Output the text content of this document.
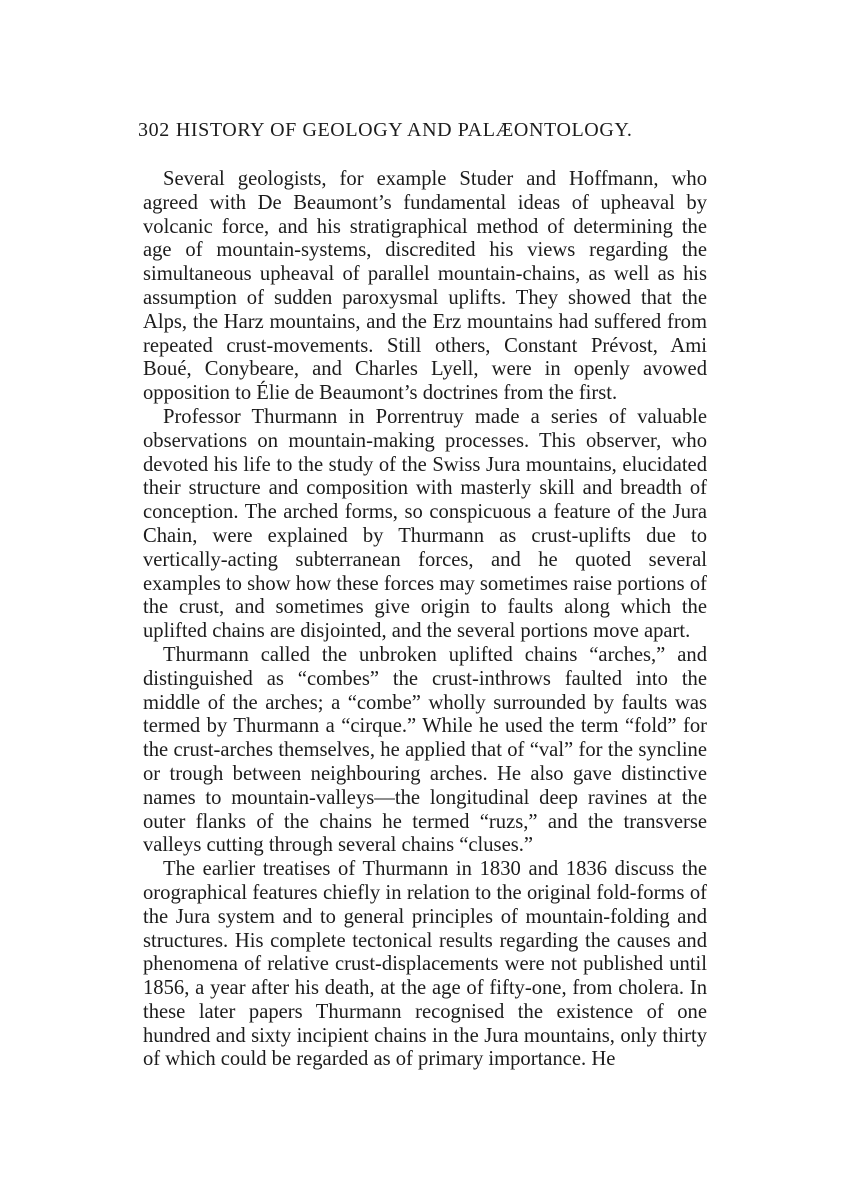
302 HISTORY OF GEOLOGY AND PALÆONTOLOGY.

Several geologists, for example Studer and Hoffmann, who agreed with De Beaumont’s fundamental ideas of upheaval by volcanic force, and his stratigraphical method of determining the age of mountain-systems, discredited his views regarding the simultaneous upheaval of parallel mountain-chains, as well as his assumption of sudden paroxysmal uplifts. They showed that the Alps, the Harz mountains, and the Erz mountains had suffered from repeated crust-movements. Still others, Constant Prévost, Ami Boué, Conybeare, and Charles Lyell, were in openly avowed opposition to Élie de Beaumont’s doctrines from the first.

Professor Thurmann in Porrentruy made a series of valuable observations on mountain-making processes. This observer, who devoted his life to the study of the Swiss Jura mountains, elucidated their structure and composition with masterly skill and breadth of conception. The arched forms, so conspicuous a feature of the Jura Chain, were explained by Thurmann as crust-uplifts due to vertically-acting subterranean forces, and he quoted several examples to show how these forces may sometimes raise portions of the crust, and sometimes give origin to faults along which the uplifted chains are disjointed, and the several portions move apart.

Thurmann called the unbroken uplifted chains “arches,” and distinguished as “combes” the crust-inthrows faulted into the middle of the arches; a “combe” wholly surrounded by faults was termed by Thurmann a “cirque.” While he used the term “fold” for the crust-arches themselves, he applied that of “val” for the syncline or trough between neighbouring arches. He also gave distinctive names to mountain-valleys—the longitudinal deep ravines at the outer flanks of the chains he termed “ruzs,” and the transverse valleys cutting through several chains “cluses.”

The earlier treatises of Thurmann in 1830 and 1836 discuss the orographical features chiefly in relation to the original fold-forms of the Jura system and to general principles of mountain-folding and structures. His complete tectonical results regarding the causes and phenomena of relative crust-displacements were not published until 1856, a year after his death, at the age of fifty-one, from cholera. In these later papers Thurmann recognised the existence of one hundred and sixty incipient chains in the Jura mountains, only thirty of which could be regarded as of primary importance. He
